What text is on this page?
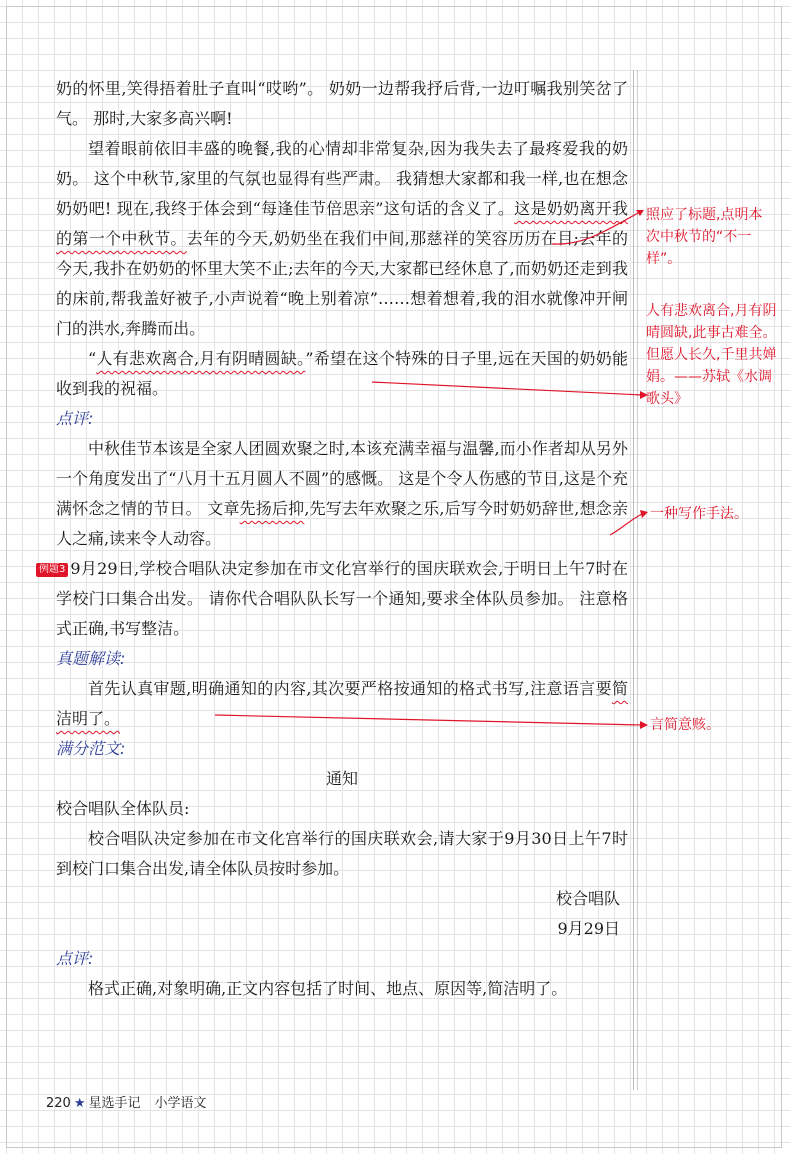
奶的怀里,笑得捂着肚子直叫“哎哟”。 奶奶一边帮我抒后背,一边叮嘱我别笑岔了气。 那时,大家多高兴啊!

望着眼前依旧丰盛的晚餐,我的心情却非常复杂,因为我失去了最疼爱我的奶奶。 这个中秋节,家里的气氛也显得有些严肃。 我猜想大家都和我一样,也在想念奶奶吧! 现在,我终于体会到“每逢佳节倍思亲”这句话的含义了。这是奶奶离开我的第一个中秋节。去年的今天,奶奶坐在我们中间,那慈祥的笑容历历在目;去年的今天,我扑在奶奶的怀里大笑不止;去年的今天,大家都已经休息了,而奶奶还走到我的床前,帮我盖好被子,小声说着“晚上别着凉”……想着想着,我的泪水就像冲开闸门的洪水,奔腾而出。

“人有悲欢离合,月有阴晴圆缺。”希望在这个特殊的日子里,远在天国的奶奶能收到我的祝福。

点评:

中秋佳节本该是全家人团圆欢聚之时,本该充满幸福与温馨,而小作者却从另外一个角度发出了“八月十五月圆人不圆”的感慨。 这是个令人伤感的节日,这是个充满怀念之情的节日。 文章先扬后抑,先写去年欢聚之乐,后写今时奶奶辞世,想念亲人之痛,读来令人动容。

例题3 9月29日,学校合唱队决定参加在市文化宫举行的国庆联欢会,于明日上午7时在学校门口集合出发。 请你代合唱队队长写一个通知,要求全体队员参加。 注意格式正确,书写整洁。

真题解读:

首先认真审题,明确通知的内容,其次要严格按通知的格式书写,注意语言要简洁明了。

满分范文:

通知

校合唱队全体队员:

校合唱队决定参加在市文化宫举行的国庆联欢会,请大家于9月30日上午7时到校门口集合出发,请全体队员按时参加。

校合唱队

9月29日

点评:

格式正确,对象明确,正文内容包括了时间、地点、原因等,简洁明了。

照应了标题,点明本次中秋节的“不一样”。

人有悲欢离合,月有阴晴圆缺,此事古难全。但愿人长久,千里共婵娟。——苏轼《水调歌头》

一种写作手法。

言简意赅。

220 ★ 星选手记 小学语文
